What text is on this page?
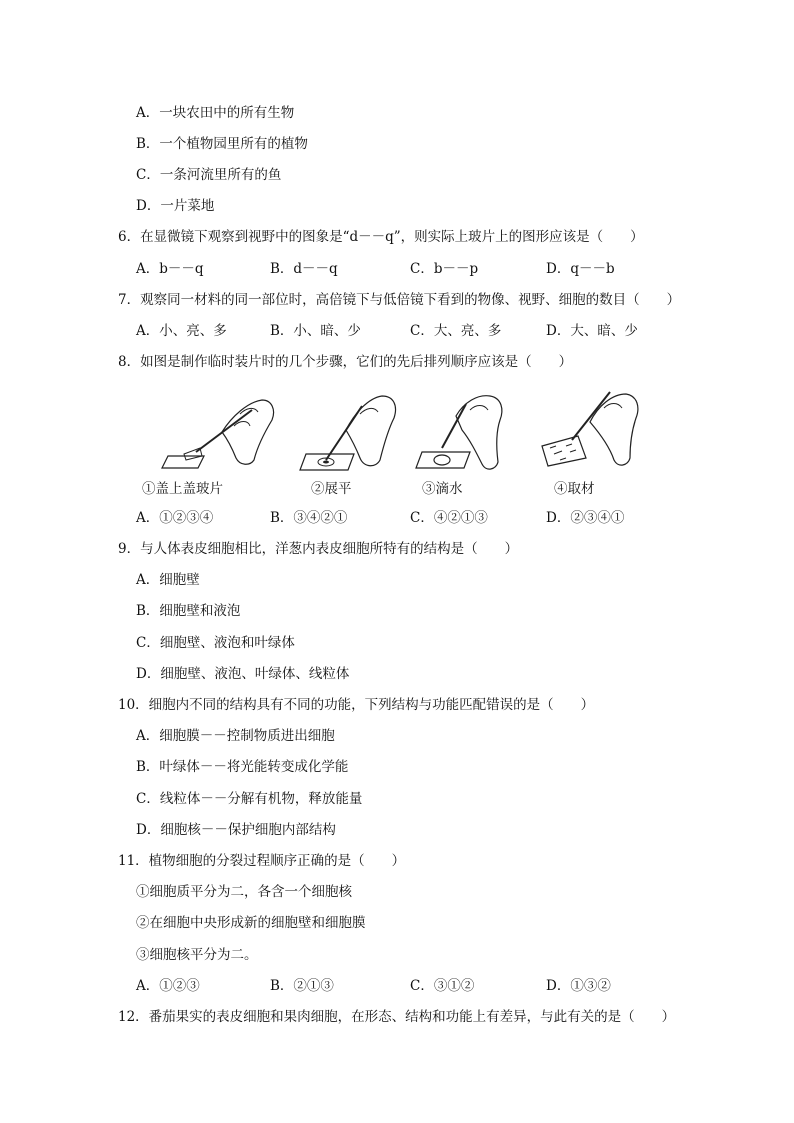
A．一块农田中的所有生物
B．一个植物园里所有的植物
C．一条河流里所有的鱼
D．一片菜地
6．在显微镜下观察到视野中的图象是“d－－q”，则实际上玻片上的图形应该是（　　）
A．b－－q	B．d－－q	C．b－－p	D．q－－b
7．观察同一材料的同一部位时，高倍镜下与低倍镜下看到的物像、视野、细胞的数目（　　）
A．小、亮、多	B．小、暗、少	C．大、亮、多	D．大、暗、少
8．如图是制作临时装片时的几个步骤，它们的先后排列顺序应该是（　　）
①盖上盖玻片	②展平	③滴水	④取材
A．①②③④	B．③④②①	C．④②①③	D．②③④①
9．与人体表皮细胞相比，洋葱内表皮细胞所特有的结构是（　　）
A．细胞壁
B．细胞壁和液泡
C．细胞壁、液泡和叶绿体
D．细胞壁、液泡、叶绿体、线粒体
10．细胞内不同的结构具有不同的功能，下列结构与功能匹配错误的是（　　）
A．细胞膜－－控制物质进出细胞
B．叶绿体－－将光能转变成化学能
C．线粒体－－分解有机物，释放能量
D．细胞核－－保护细胞内部结构
11．植物细胞的分裂过程顺序正确的是（　　）
①细胞质平分为二，各含一个细胞核
②在细胞中央形成新的细胞壁和细胞膜
③细胞核平分为二。
A．①②③	B．②①③	C．③①②	D．①③②
12．番茄果实的表皮细胞和果肉细胞，在形态、结构和功能上有差异，与此有关的是（　　）
